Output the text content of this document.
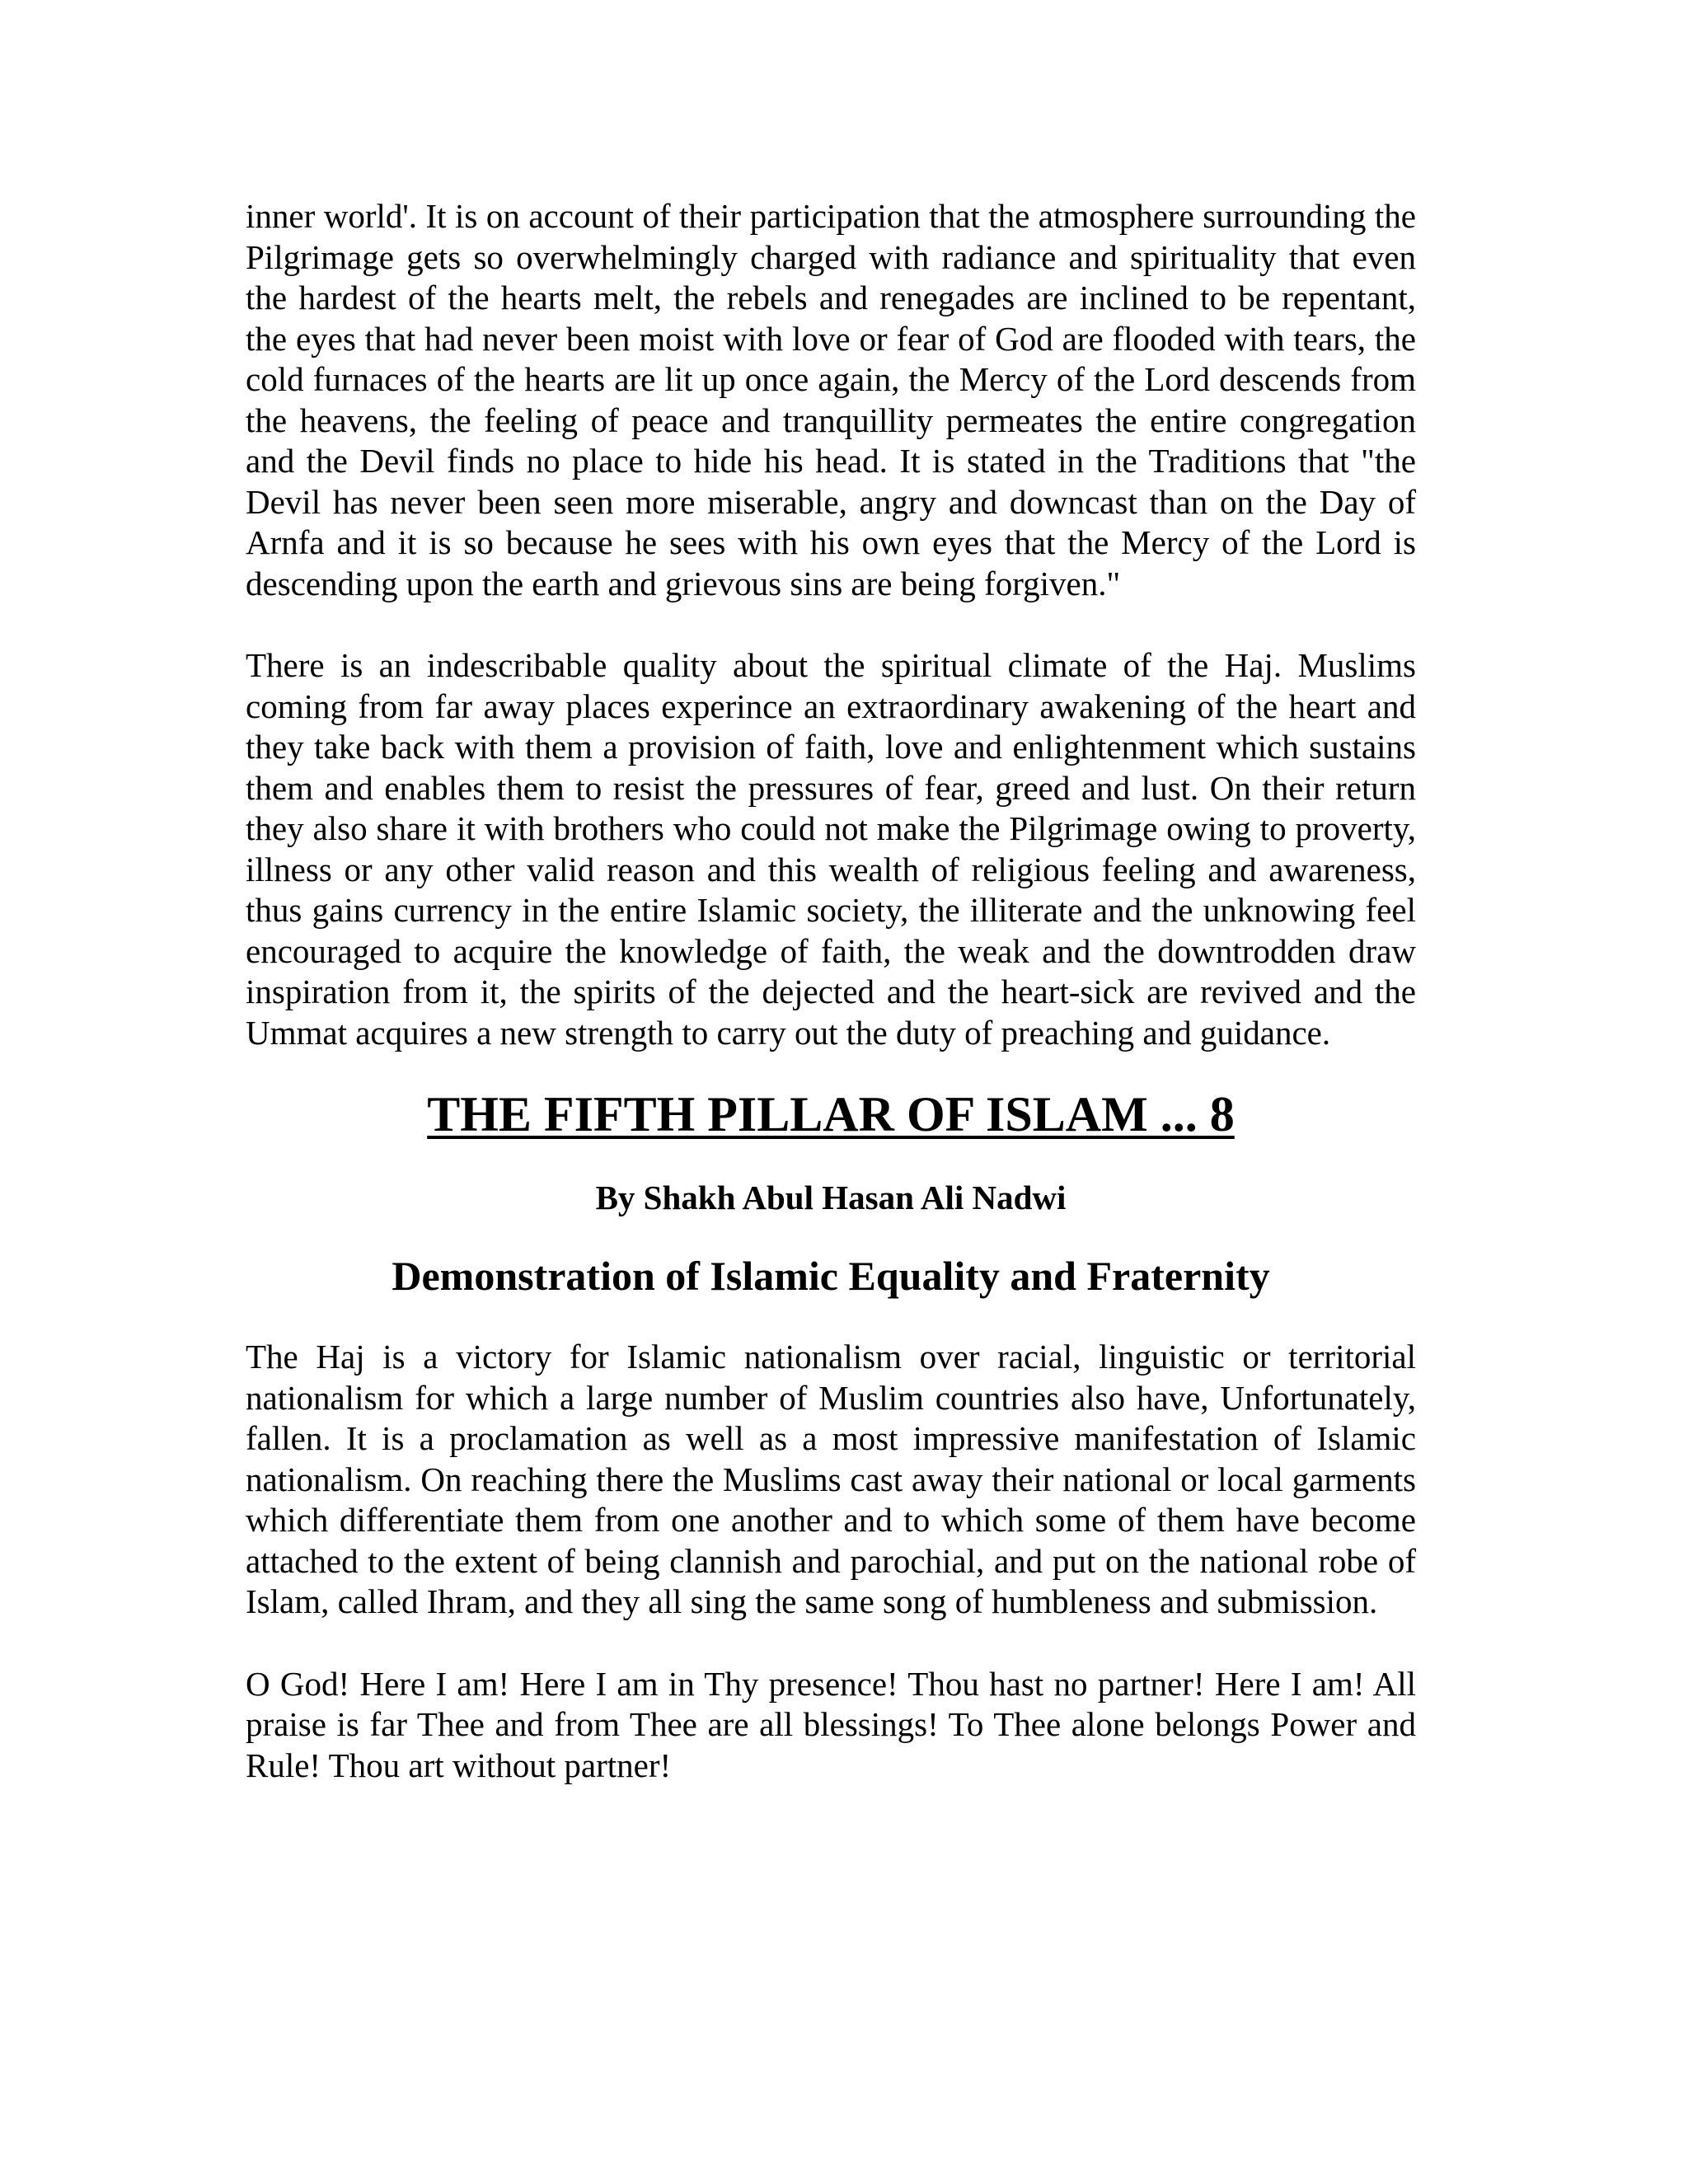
inner world'. It is on account of their participation that the atmosphere surrounding the Pilgrimage gets so overwhelmingly charged with radiance and spirituality that even the hardest of the hearts melt, the rebels and renegades are inclined to be repentant, the eyes that had never been moist with love or fear of God are flooded with tears, the cold furnaces of the hearts are lit up once again, the Mercy of the Lord descends from the heavens, the feeling of peace and tranquillity permeates the entire congregation and the Devil finds no place to hide his head. It is stated in the Traditions that "the Devil has never been seen more miserable, angry and downcast than on the Day of Arnfa and it is so because he sees with his own eyes that the Mercy of the Lord is descending upon the earth and grievous sins are being forgiven."

There is an indescribable quality about the spiritual climate of the Haj. Muslims coming from far away places experince an extraordinary awakening of the heart and they take back with them a provision of faith, love and enlightenment which sustains them and enables them to resist the pressures of fear, greed and lust. On their return they also share it with brothers who could not make the Pilgrimage owing to proverty, illness or any other valid reason and this wealth of religious feeling and awareness, thus gains currency in the entire Islamic society, the illiterate and the unknowing feel encouraged to acquire the knowledge of faith, the weak and the downtrodden draw inspiration from it, the spirits of the dejected and the heart-sick are revived and the Ummat acquires a new strength to carry out the duty of preaching and guidance.

THE FIFTH PILLAR OF ISLAM ... 8

By Shakh Abul Hasan Ali Nadwi

Demonstration of Islamic Equality and Fraternity

The Haj is a victory for Islamic nationalism over racial, linguistic or territorial nationalism for which a large number of Muslim countries also have, Unfortunately, fallen. It is a proclamation as well as a most impressive manifestation of Islamic nationalism. On reaching there the Muslims cast away their national or local garments which differentiate them from one another and to which some of them have become attached to the extent of being clannish and parochial, and put on the national robe of Islam, called Ihram, and they all sing the same song of humbleness and submission.

O God! Here I am! Here I am in Thy presence! Thou hast no partner! Here I am! All praise is far Thee and from Thee are all blessings! To Thee alone belongs Power and Rule! Thou art without partner!
